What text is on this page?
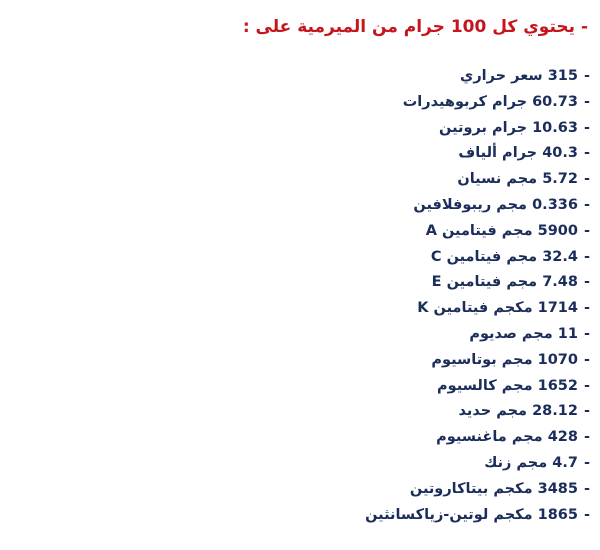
- يحتوي كل 100 جرام من الميرمية على :
-315 سعر حراري
-60.73 جرام كربوهيدرات
-10.63 جرام بروتين
-40.3 جرام ألياف
-5.72 مجم نسيان
-0.336 مجم ريبوفلافين
-5900 مجم فيتامين A
-32.4 مجم فيتامين C
-7.48 مجم فيتامين E
-1714 مكجم فيتامين K
-11 مجم صديوم
-1070 مجم بوتاسيوم
-1652 مجم كالسيوم
-28.12 مجم حديد
-428 مجم ماغنسيوم
-4.7 مجم زنك
-3485 مكجم بيتاكاروتين
-1865 مكجم لوتين-زياكسانثين
